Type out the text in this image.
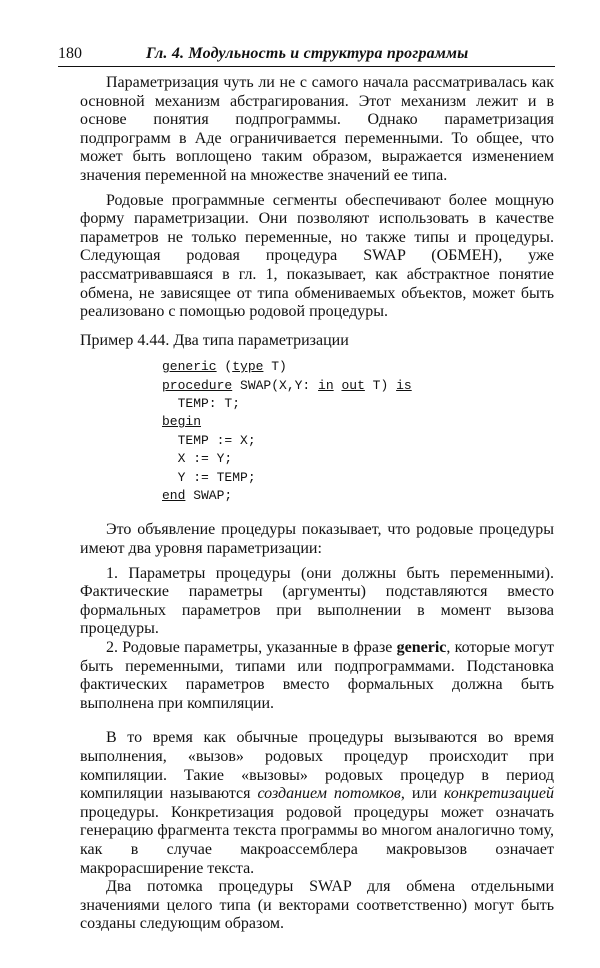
180	Гл. 4. Модульность и структура программы

Параметризация чуть ли не с самого начала рассматривалась как основной механизм абстрагирования. Этот механизм лежит и в основе понятия подпрограммы. Однако параметризация подпрограмм в Аде ограничивается переменными. То общее, что может быть воплощено таким образом, выражается изменением значения переменной на множестве значений ее типа.

Родовые программные сегменты обеспечивают более мощную форму параметризации. Они позволяют использовать в качестве параметров не только переменные, но также типы и процедуры. Следующая родовая процедура SWAP (ОБМЕН), уже рассматривавшаяся в гл. 1, показывает, как абстрактное понятие обмена, не зависящее от типа обмениваемых объектов, может быть реализовано с помощью родовой процедуры.

Пример 4.44. Два типа параметризации

generic (type T)
procedure SWAP(X,Y: in out T) is
TEMP: T;
begin
TEMP := X;
X := Y;
Y := TEMP;
end SWAP;

Это объявление процедуры показывает, что родовые процедуры имеют два уровня параметризации:

1. Параметры процедуры (они должны быть переменными). Фактические параметры (аргументы) подставляются вместо формальных параметров при выполнении в момент вызова процедуры.

2. Родовые параметры, указанные в фразе generic, которые могут быть переменными, типами или подпрограммами. Подстановка фактических параметров вместо формальных должна быть выполнена при компиляции.

В то время как обычные процедуры вызываются во время выполнения, «вызов» родовых процедур происходит при компиляции. Такие «вызовы» родовых процедур в период компиляции называются созданием потомков, или конкретизацией процедуры. Конкретизация родовой процедуры может означать генерацию фрагмента текста программы во многом аналогично тому, как в случае макроассемблера макровызов означает макрорасширение текста.

Два потомка процедуры SWAP для обмена отдельными значениями целого типа (и векторами соответственно) могут быть созданы следующим образом.
